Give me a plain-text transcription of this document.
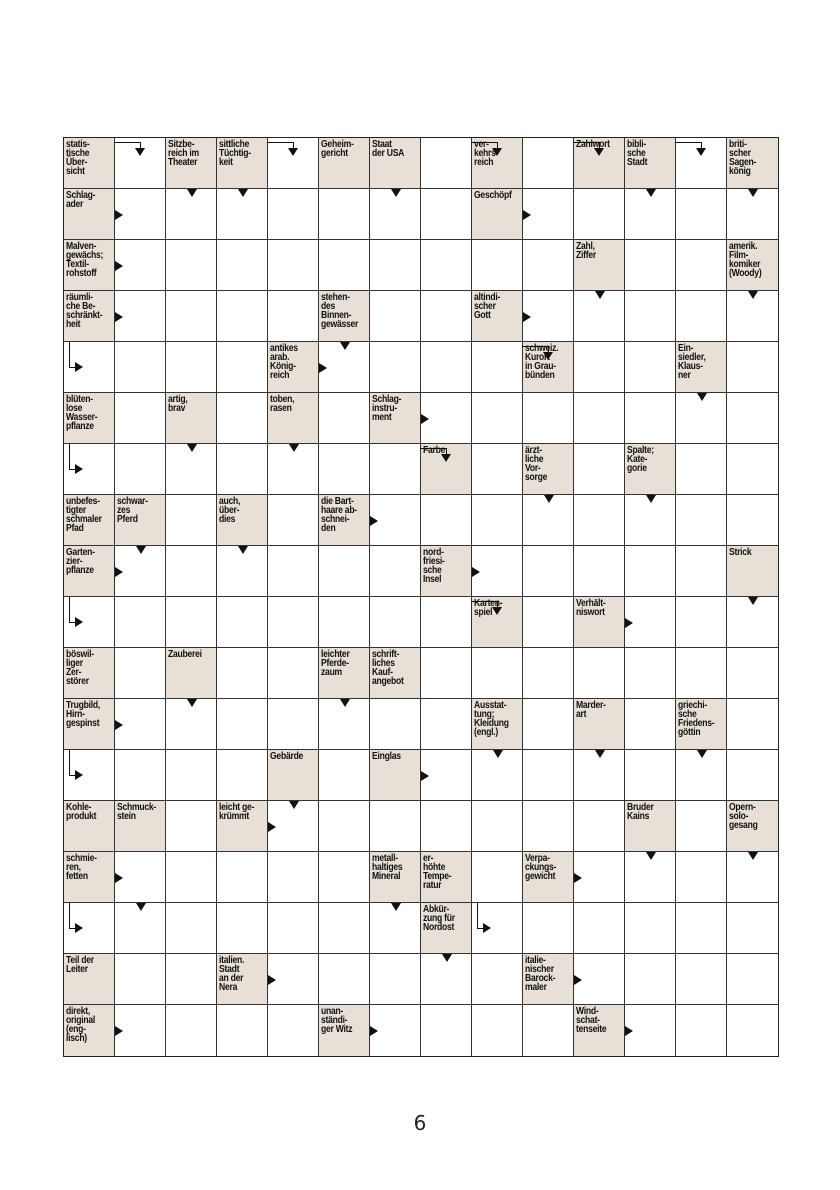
statis-
tische
Über-
sicht
Sitzbe-
reich im
Theater
sittliche
Tüchtig-
keit
Geheim-
gericht
Staat
der USA
ver-
kehrs-
reich
Zahlwort	bibli-
sche
Stadt
briti-
scher
Sagen-
könig
Schlag-
ader
Geschöpf
Malven-
gewächs;
Textil-
rohstoff
Zahl,
Ziffer
amerik.
Film-
komiker
(Woody)
räumli-
che Be-
schränkt-
heit
stehen-
des
Binnen-
gewässer
altindi-
scher
Gott
antikes
arab.
König-
reich
schweiz.
Kurort
in Grau-
bünden
Ein-
siedler,
Klaus-
ner
blüten-
lose
Wasser-
pflanze
artig,
brav
toben,
rasen
Schlag-
instru-
ment
Farbe	ärzt-
liche
Vor-
sorge
Spalte;
Kate-
gorie
unbefes-
tigter
schmaler
Pfad
schwar-
zes
Pferd
auch,
über-
dies
die Bart-
haare ab-
schnei-
den
Garten-
zier-
pflanze
nord-
friesi-
sche
Insel
Strick
Karten-
spiel
Verhält-
niswort
böswil-
liger
Zer-
störer
Zauberei	leichter
Pferde-
zaum
schrift-
liches
Kauf-
angebot
Trugbild,
Hirn-
gespinst
Ausstat-
tung;
Kleidung
(engl.)
Marder-
art
griechi-
sche
Friedens-
göttin
Gebärde	Einglas
Kohle-
produkt
Schmuck-
stein
leicht ge-
krümmt
Bruder
Kains
Opern-
solo-
gesang
schmie-
ren,
fetten
metall-
haltiges
Mineral
er-
höhte
Tempe-
ratur
Verpa-
ckungs-
gewicht
Abkür-
zung für
Nordost
Teil der
Leiter
italien.
Stadt
an der
Nera
italie-
nischer
Barock-
maler
direkt,
original
(eng-
lisch)
unan-
ständi-
ger Witz
Wind-
schat-
tenseite
6
